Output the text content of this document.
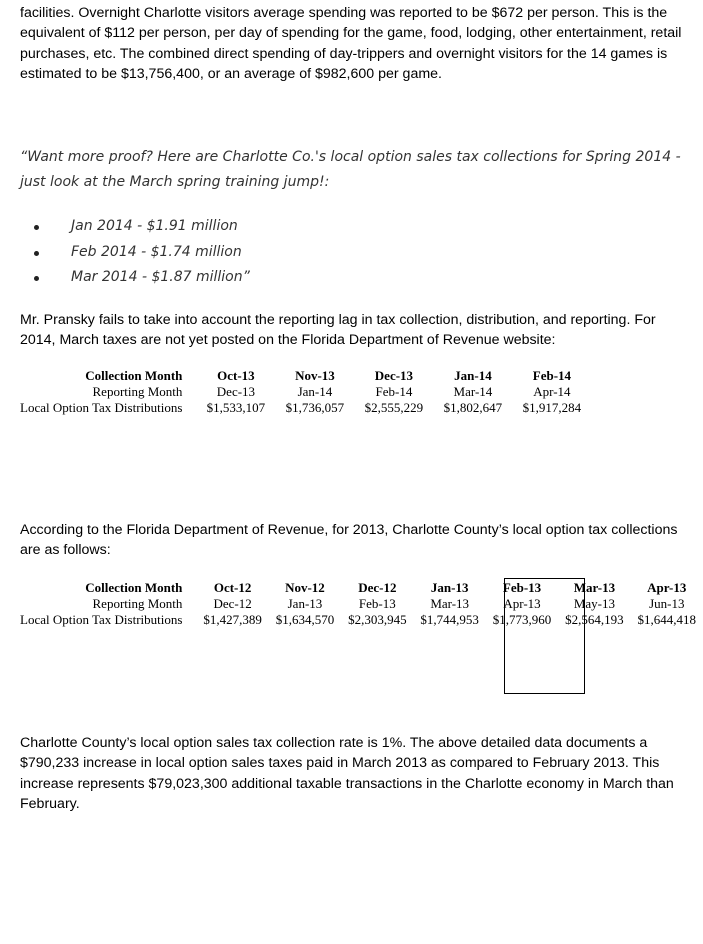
facilities. Overnight Charlotte visitors average spending was reported to be $672 per person. This is the equivalent of $112 per person, per day of spending for the game, food, lodging, other entertainment, retail purchases, etc. The combined direct spending of day-trippers and overnight visitors for the 14 games is estimated to be $13,756,400, or an average of $982,600 per game.

“Want more proof? Here are Charlotte Co.'s local option sales tax collections for Spring 2014 - just look at the March spring training jump!:

Jan 2014 - $1.91 million
Feb 2014 - $1.74 million
Mar 2014 - $1.87 million”

Mr. Pransky fails to take into account the reporting lag in tax collection, distribution, and reporting. For 2014, March taxes are not yet posted on the Florida Department of Revenue website:

Collection Month	Oct-13	Nov-13	Dec-13	Jan-14	Feb-14
Reporting Month	Dec-13	Jan-14	Feb-14	Mar-14	Apr-14
Local Option Tax Distributions	$1,533,107	$1,736,057	$2,555,229	$1,802,647	$1,917,284

According to the Florida Department of Revenue, for 2013, Charlotte County’s local option tax collections are as follows:

Collection Month	Oct-12	Nov-12	Dec-12	Jan-13	Feb-13	Mar-13	Apr-13
Reporting Month	Dec-12	Jan-13	Feb-13	Mar-13	Apr-13	May-13	Jun-13
Local Option Tax Distributions	$1,427,389	$1,634,570	$2,303,945	$1,744,953	$1,773,960	$2,564,193	$1,644,418

Charlotte County’s local option sales tax collection rate is 1%. The above detailed data documents a $790,233 increase in local option sales taxes paid in March 2013 as compared to February 2013. This increase represents $79,023,300 additional taxable transactions in the Charlotte economy in March than February.
